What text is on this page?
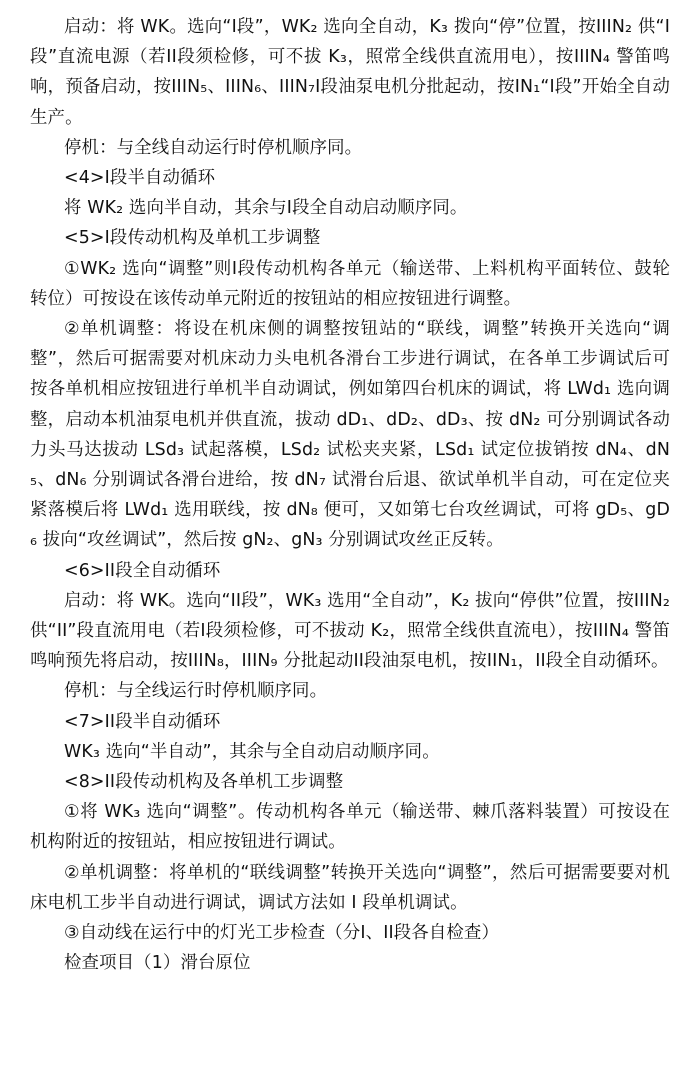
启动：将 WK。选向“I段”，WK₂ 选向全自动，K₃ 拨向“停”位置，按IIIN₂ 供“I段”直流电源（若II段须检修，可不拔 K₃，照常全线供直流用电），按IIIN₄ 警笛鸣响，预备启动，按IIIN₅、IIIN₆、IIIN₇I段油泵电机分批起动，按IN₁“I段”开始全自动生产。

停机：与全线自动运行时停机顺序同。

<4>I段半自动循环

将 WK₂ 选向半自动，其余与I段全自动启动顺序同。

<5>I段传动机构及单机工步调整

①WK₂ 选向“调整”则I段传动机构各单元（输送带、上料机构平面转位、鼓轮转位）可按设在该传动单元附近的按钮站的相应按钮进行调整。

②单机调整：将设在机床侧的调整按钮站的“联线，调整”转换开关选向“调整”，然后可据需要对机床动力头电机各滑台工步进行调试，在各单工步调试后可按各单机相应按钮进行单机半自动调试，例如第四台机床的调试，将 LWd₁ 选向调整，启动本机油泵电机并供直流，拔动 dD₁、dD₂、dD₃、按 dN₂ 可分别调试各动力头马达拔动 LSd₃ 试起落模，LSd₂ 试松夹夹紧，LSd₁ 试定位拔销按 dN₄、dN₅、dN₆ 分别调试各滑台进给，按 dN₇ 试滑台后退、欲试单机半自动，可在定位夹紧落模后将 LWd₁ 选用联线，按 dN₈ 便可，又如第七台攻丝调试，可将 gD₅、gD₆ 拔向“攻丝调试”，然后按 gN₂、gN₃ 分别调试攻丝正反转。

<6>II段全自动循环

启动：将 WK。选向“II段”，WK₃ 选用“全自动”，K₂ 拔向“停供”位置，按IIIN₂ 供“II”段直流用电（若I段须检修，可不拔动 K₂，照常全线供直流电），按IIIN₄ 警笛鸣响预先将启动，按IIIN₈，IIIN₉ 分批起动II段油泵电机，按IIN₁，II段全自动循环。

停机：与全线运行时停机顺序同。

<7>II段半自动循环

WK₃ 选向“半自动”，其余与全自动启动顺序同。

<8>II段传动机构及各单机工步调整

①将 WK₃ 选向“调整”。传动机构各单元（输送带、棘爪落料装置）可按设在机构附近的按钮站，相应按钮进行调试。

②单机调整：将单机的“联线调整”转换开关选向“调整”，然后可据需要要对机床电机工步半自动进行调试，调试方法如 I 段单机调试。

③自动线在运行中的灯光工步检查（分I、II段各自检查）

检查项目（1）滑台原位
